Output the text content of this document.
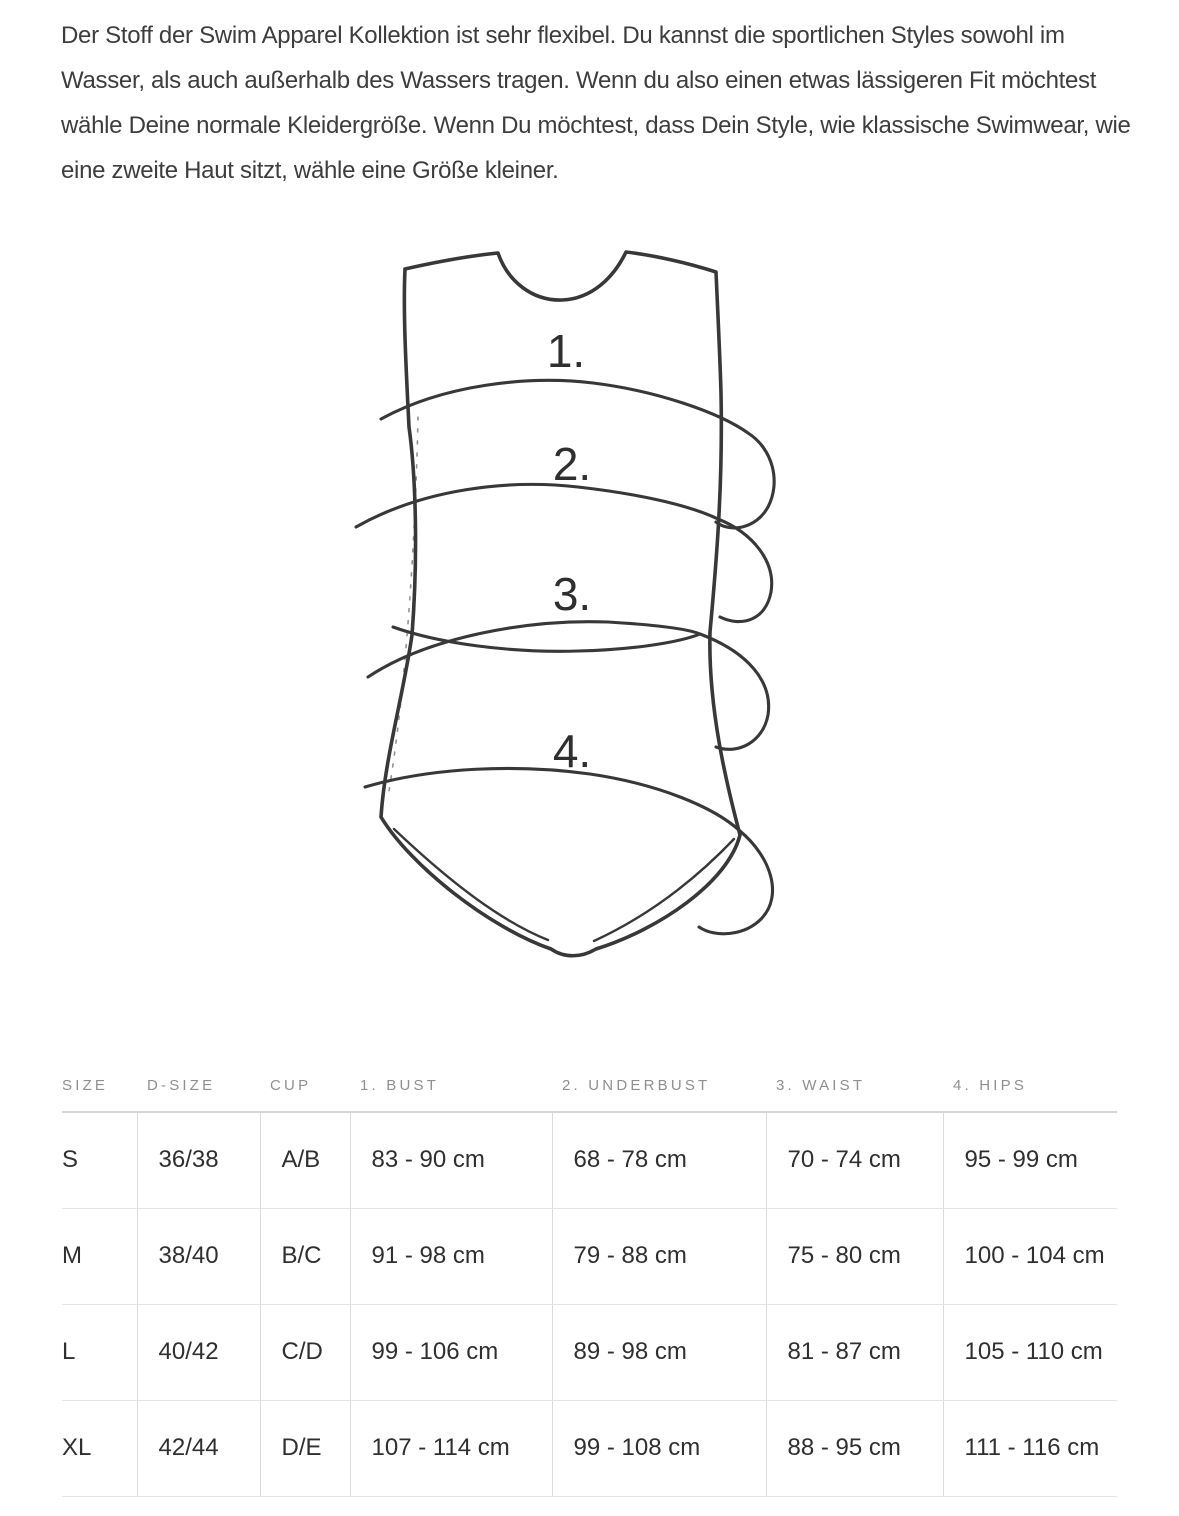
Der Stoff der Swim Apparel Kollektion ist sehr flexibel. Du kannst die sportlichen Styles sowohl im Wasser, als auch außerhalb des Wassers tragen. Wenn du also einen etwas lässigeren Fit möchtest wähle Deine normale Kleidergröße. Wenn Du möchtest, dass Dein Style, wie klassische Swimwear, wie eine zweite Haut sitzt, wähle eine Größe kleiner.

1.
2.
3.
4.
SIZE	D-SIZE	CUP	1. BUST	2. UNDERBUST	3. WAIST	4. HIPS
S	36/38	A/B	83 - 90 cm	68 - 78 cm	70 - 74 cm	95 - 99 cm
M	38/40	B/C	91 - 98 cm	79 - 88 cm	75 - 80 cm	100 - 104 cm
L	40/42	C/D	99 - 106 cm	89 - 98 cm	81 - 87 cm	105 - 110 cm
XL	42/44	D/E	107 - 114 cm	99 - 108 cm	88 - 95 cm	111 - 116 cm
